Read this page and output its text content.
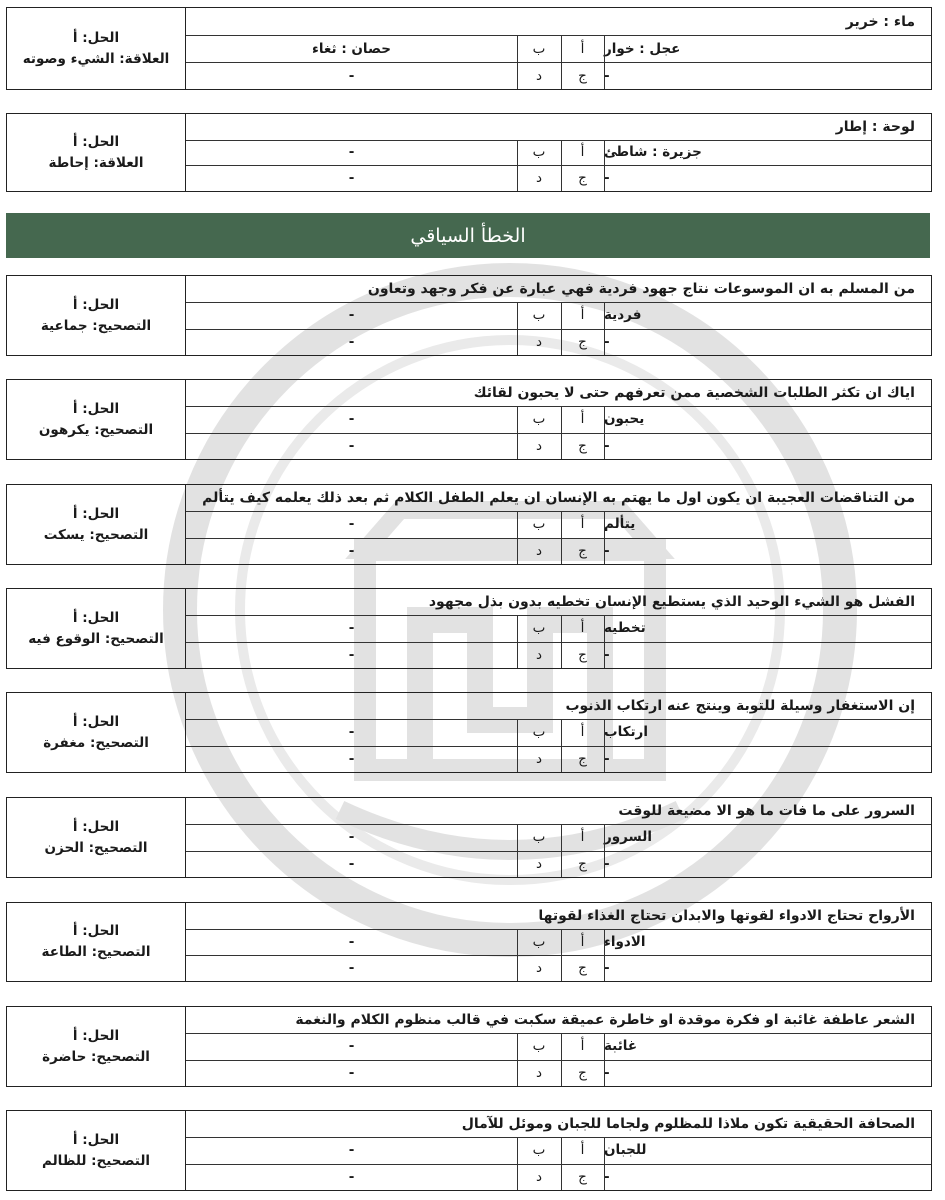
الخطأ السياقي
الحل: أ
العلاقة: الشيء وصوته
ماء : خرير
عجل : خوار
أ
ب
حصان : ثغاء
-
ج
د
-
الحل: أ
العلاقة: إحاطة
لوحة : إطار
جزيرة : شاطئ
أ
ب
-
-
ج
د
-
الحل: أ
التصحيح: جماعية
من المسلم به ان الموسوعات نتاج جهود فردية فهي عبارة عن فكر وجهد وتعاون
فردية
أ
ب
-
-
ج
د
-
الحل: أ
التصحيح: يكرهون
اياك ان تكثر الطلبات الشخصية ممن تعرفهم حتى لا يحبون لقائك
يحبون
أ
ب
-
-
ج
د
-
الحل: أ
التصحيح: يسكت
من التناقضات العجيبة ان يكون اول ما يهتم به الإنسان ان يعلم الطفل الكلام ثم بعد ذلك يعلمه كيف يتألم
يتألم
أ
ب
-
-
ج
د
-
الحل: أ
التصحيح: الوقوع فيه
الفشل هو الشيء الوحيد الذي يستطيع الإنسان تخطيه بدون بذل مجهود
تخطيه
أ
ب
-
-
ج
د
-
الحل: أ
التصحيح: مغفرة
إن الاستغفار وسيلة للتوبة وينتج عنه ارتكاب الذنوب
ارتكاب
أ
ب
-
-
ج
د
-
الحل: أ
التصحيح: الحزن
السرور على ما فات ما هو الا مضيعة للوقت
السرور
أ
ب
-
-
ج
د
-
الحل: أ
التصحيح: الطاعة
الأرواح تحتاج الادواء لقوتها والابدان تحتاج الغذاء لقوتها
الادواء
أ
ب
-
-
ج
د
-
الحل: أ
التصحيح: حاضرة
الشعر عاطفة غائبة او فكرة موقدة او خاطرة عميقة سكبت في قالب منظوم الكلام والنغمة
غائبة
أ
ب
-
-
ج
د
-
الحل: أ
التصحيح: للظالم
الصحافة الحقيقية تكون ملاذا للمظلوم ولجاما للجبان وموئل للآمال
للجبان
أ
ب
-
-
ج
د
-
